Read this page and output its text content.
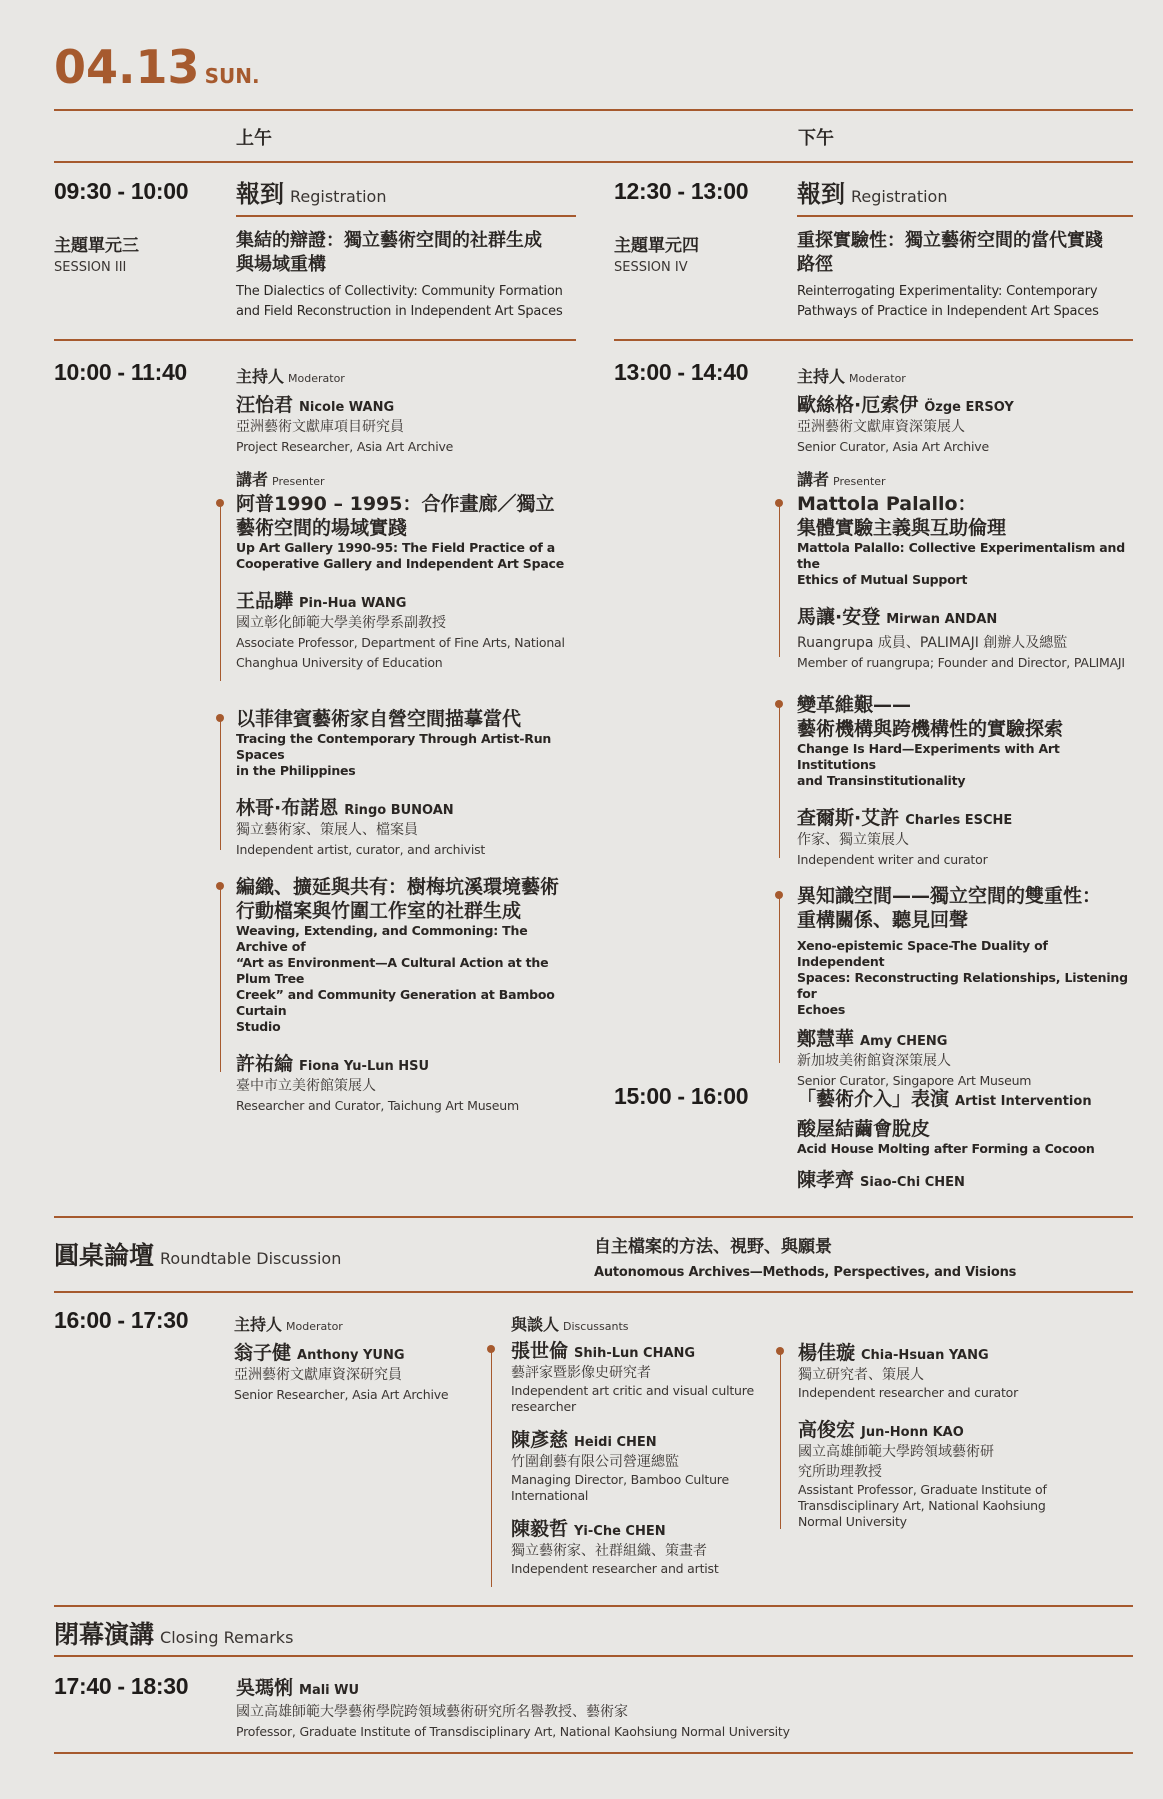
04.13 SUN.
上午	下午
09:30 - 10:00 報到 Registration	12:30 - 13:00 報到 Registration
主題單元三
SESSION III
集結的辯證：獨立藝術空間的社群生成
與場域重構
The Dialectics of Collectivity: Community Formation
and Field Reconstruction in Independent Art Spaces
主題單元四
SESSION IV
重探實驗性：獨立藝術空間的當代實踐
路徑
Reinterrogating Experimentality: Contemporary
Pathways of Practice in Independent Art Spaces
10:00 - 11:40	主持人 Moderator
汪怡君 Nicole WANG
亞洲藝術文獻庫項目研究員
Project Researcher, Asia Art Archive
講者 Presenter
阿普1990 – 1995：合作畫廊／獨立
藝術空間的場域實踐
Up Art Gallery 1990-95: The Field Practice of a
Cooperative Gallery and Independent Art Space
王品驊 Pin-Hua WANG
國立彰化師範大學美術學系副教授
Associate Professor, Department of Fine Arts, National
Changhua University of Education
以菲律賓藝術家自營空間描摹當代
Tracing the Contemporary Through Artist-Run Spaces
in the Philippines
林哥·布諾恩 Ringo BUNOAN
獨立藝術家、策展人、檔案員
Independent artist, curator, and archivist
編織、擴延與共有：樹梅坑溪環境藝術
行動檔案與竹圍工作室的社群生成
Weaving, Extending, and Commoning: The Archive of
“Art as Environment—A Cultural Action at the Plum Tree
Creek” and Community Generation at Bamboo Curtain
Studio
許祐綸 Fiona Yu-Lun HSU
臺中市立美術館策展人
Researcher and Curator, Taichung Art Museum
13:00 - 14:40	主持人 Moderator
歐絲格·厄索伊 Özge ERSOY
亞洲藝術文獻庫資深策展人
Senior Curator, Asia Art Archive
講者 Presenter
Mattola Palallo：
集體實驗主義與互助倫理
Mattola Palallo: Collective Experimentalism and the
Ethics of Mutual Support
馬讓·安登 Mirwan ANDAN
Ruangrupa 成員、PALIMAJI 創辦人及總監
Member of ruangrupa; Founder and Director, PALIMAJI
變革維艱——
藝術機構與跨機構性的實驗探索
Change Is Hard—Experiments with Art Institutions
and Transinstitutionality
查爾斯·艾許 Charles ESCHE
作家、獨立策展人
Independent writer and curator
異知識空間——獨立空間的雙重性：
重構關係、聽見回聲
Xeno-epistemic Space-The Duality of Independent
Spaces: Reconstructing Relationships, Listening for
Echoes
鄭慧華 Amy CHENG
新加坡美術館資深策展人
Senior Curator, Singapore Art Museum
15:00 - 16:00	「藝術介入」表演 Artist Intervention
酸屋結繭會脫皮
Acid House Molting after Forming a Cocoon
陳孝齊 Siao-Chi CHEN
圓桌論壇 Roundtable Discussion
自主檔案的方法、視野、與願景
Autonomous Archives—Methods, Perspectives, and Visions
16:00 - 17:30	主持人 Moderator
翁子健 Anthony YUNG
亞洲藝術文獻庫資深研究員
Senior Researcher, Asia Art Archive
與談人 Discussants
張世倫 Shih-Lun CHANG
藝評家暨影像史研究者
Independent art critic and visual culture
researcher
陳彥慈 Heidi CHEN
竹圍創藝有限公司營運總監
Managing Director, Bamboo Culture
International
陳毅哲 Yi-Che CHEN
獨立藝術家、社群組織、策畫者
Independent researcher and artist
楊佳璇 Chia-Hsuan YANG
獨立研究者、策展人
Independent researcher and curator
高俊宏 Jun-Honn KAO
國立高雄師範大學跨領域藝術研
究所助理教授
Assistant Professor, Graduate Institute of
Transdisciplinary Art, National Kaohsiung
Normal University
閉幕演講 Closing Remarks
17:40 - 18:30	吳瑪悧 Mali WU
國立高雄師範大學藝術學院跨領域藝術研究所名譽教授、藝術家
Professor, Graduate Institute of Transdisciplinary Art, National Kaohsiung Normal University
